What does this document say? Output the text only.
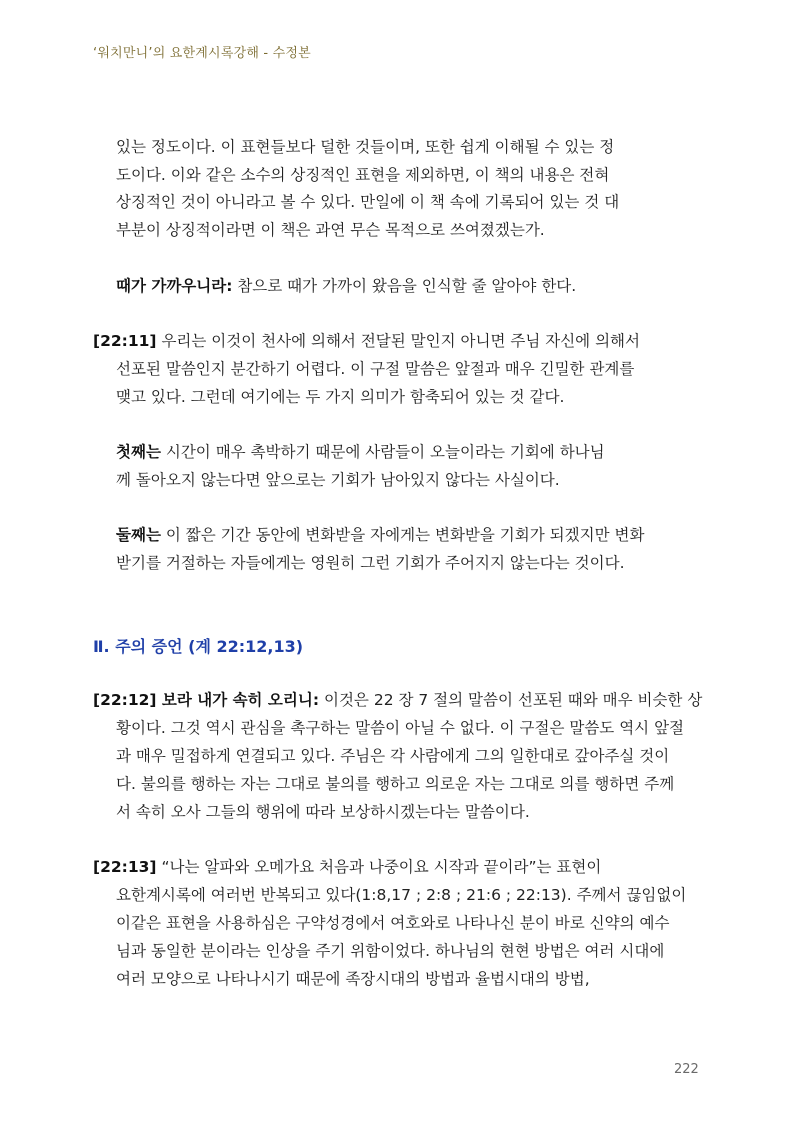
‘워치만니’의 요한계시록강해 - 수정본
있는 정도이다. 이 표현들보다 덜한 것들이며, 또한 쉽게 이해될 수 있는 정
도이다. 이와 같은 소수의 상징적인 표현을 제외하면, 이 책의 내용은 전혀
상징적인 것이 아니라고 볼 수 있다. 만일에 이 책 속에 기록되어 있는 것 대
부분이 상징적이라면 이 책은 과연 무슨 목적으로 쓰여졌겠는가.
때가 가까우니라: 참으로 때가 가까이 왔음을 인식할 줄 알아야 한다.
[22:11] 우리는 이것이 천사에 의해서 전달된 말인지 아니면 주님 자신에 의해서
선포된 말씀인지 분간하기 어렵다. 이 구절 말씀은 앞절과 매우 긴밀한 관계를
맺고 있다. 그런데 여기에는 두 가지 의미가 함축되어 있는 것 같다.
첫째는 시간이 매우 촉박하기 때문에 사람들이 오늘이라는 기회에 하나님
께 돌아오지 않는다면 앞으로는 기회가 남아있지 않다는 사실이다.
둘째는 이 짧은 기간 동안에 변화받을 자에게는 변화받을 기회가 되겠지만 변화
받기를 거절하는 자들에게는 영원히 그런 기회가 주어지지 않는다는 것이다.
Ⅱ. 주의 증언 (계 22:12,13)
[22:12] 보라 내가 속히 오리니: 이것은 22 장 7 절의 말씀이 선포된 때와 매우 비슷한 상
황이다. 그것 역시 관심을 촉구하는 말씀이 아닐 수 없다. 이 구절은 말씀도 역시 앞절
과 매우 밀접하게 연결되고 있다. 주님은 각 사람에게 그의 일한대로 갚아주실 것이
다. 불의를 행하는 자는 그대로 불의를 행하고 의로운 자는 그대로 의를 행하면 주께
서 속히 오사 그들의 행위에 따라 보상하시겠는다는 말씀이다.
[22:13] “나는 알파와 오메가요 처음과 나중이요 시작과 끝이라”는 표현이
요한계시록에 여러번 반복되고 있다(1:8,17 ; 2:8 ; 21:6 ; 22:13). 주께서 끊임없이
이같은 표현을 사용하심은 구약성경에서 여호와로 나타나신 분이 바로 신약의 예수
님과 동일한 분이라는 인상을 주기 위함이었다. 하나님의 현현 방법은 여러 시대에
여러 모양으로 나타나시기 때문에 족장시대의 방법과 율법시대의 방법,
222
